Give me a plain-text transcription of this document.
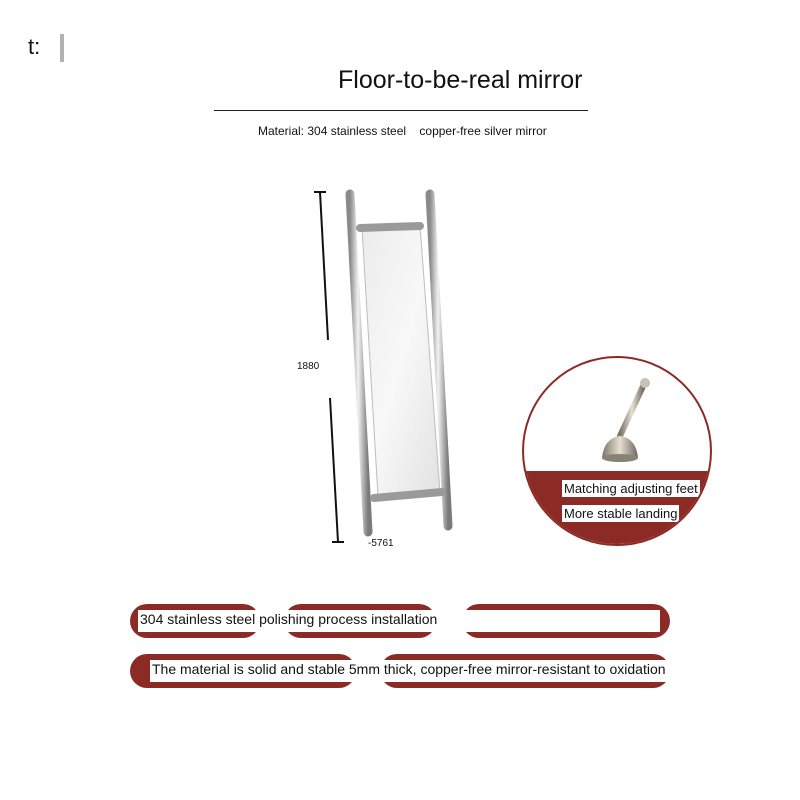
t:
Floor-to-be-real mirror
Material: 304 stainless steel    copper-free silver mirror
1880
-5761
Matching adjusting feet
More stable landing
304 stainless steel polishing process installation
The material is solid and stable 5mm thick, copper-free mirror-resistant to oxidation
